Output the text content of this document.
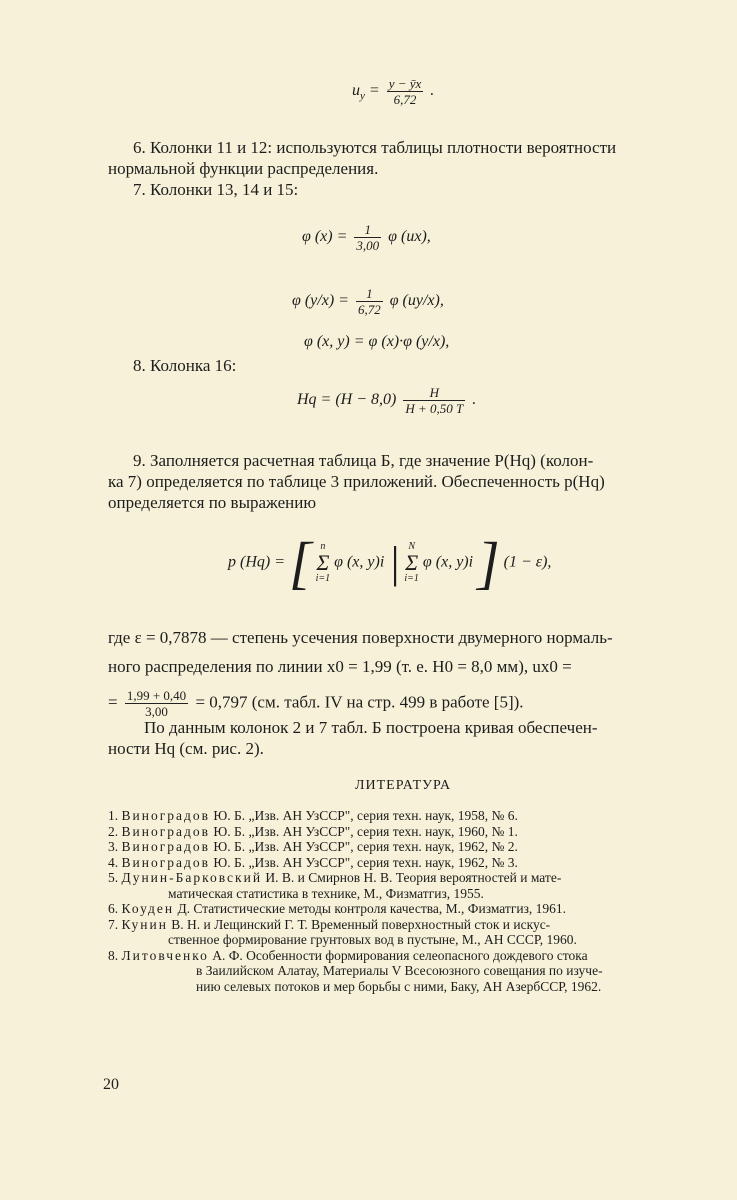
$u_y = \frac{y - ȳx}{6,72}$ .
6. Колонки 11 и 12: используются таблицы плотности вероятности
нормальной функции распределения.
7. Колонки 13, 14 и 15:
φ $(x) = \frac{1}{3,00}$ φ (ux),
φ $(y/x) = \frac{1}{6,72}$ φ (uy/x),
φ (x, y) = φ (x)·φ (y/x),
8. Колонка 16:
$Hq = (H - 8,0) \frac{H}{H + 0,50 T}$ .
9. Заполняется расчетная таблица Б, где значение P(Hq) (колон-
ка 7) определяется по таблице 3 приложений. Обеспеченность p(Hq)
определяется по выражению
p (Hq) = [ n
Σ
i=1
φ (x, y)i | N
Σ
i=1
φ (x, y)i ] (1 − ε),
где ε = 0,7878 — степень усечения поверхности двумерного нормаль-
ного распределения по линии x0 = 1,99 (т. е. H0 = 8,0 мм), ux0 =
= $\frac{1,99 + 0,40}{3,00} = 0,797$ (см. табл. IV на стр. 499 в работе [5]).
По данным колонок 2 и 7 табл. Б построена кривая обеспечен-
ности Hq (см. рис. 2).
ЛИТЕРАТУРА
1. Виноградов Ю. Б. „Изв. АН УзССР", серия техн. наук, 1958, № 6.
2. Виноградов Ю. Б. „Изв. АН УзССР", серия техн. наук, 1960, № 1.
3. Виноградов Ю. Б. „Изв. АН УзССР", серия техн. наук, 1962, № 2.
4. Виноградов Ю. Б. „Изв. АН УзССР", серия техн. наук, 1962, № 3.
5. Дунин-Барковский И. В. и Смирнов Н. В. Теория вероятностей и мате-
матическая статистика в технике, М., Физматгиз, 1955.
6. Коуден Д. Статистические методы контроля качества, М., Физматгиз, 1961.
7. Кунин В. Н. и Лещинский Г. Т. Временный поверхностный сток и искус-
ственное формирование грунтовых вод в пустыне, М., АН СССР, 1960.
8. Литовченко А. Ф. Особенности формирования селеопасного дождевого стока
в Заилийском Алатау, Материалы V Всесоюзного совещания по изуче-
нию селевых потоков и мер борьбы с ними, Баку, АН АзербССР, 1962.
20
